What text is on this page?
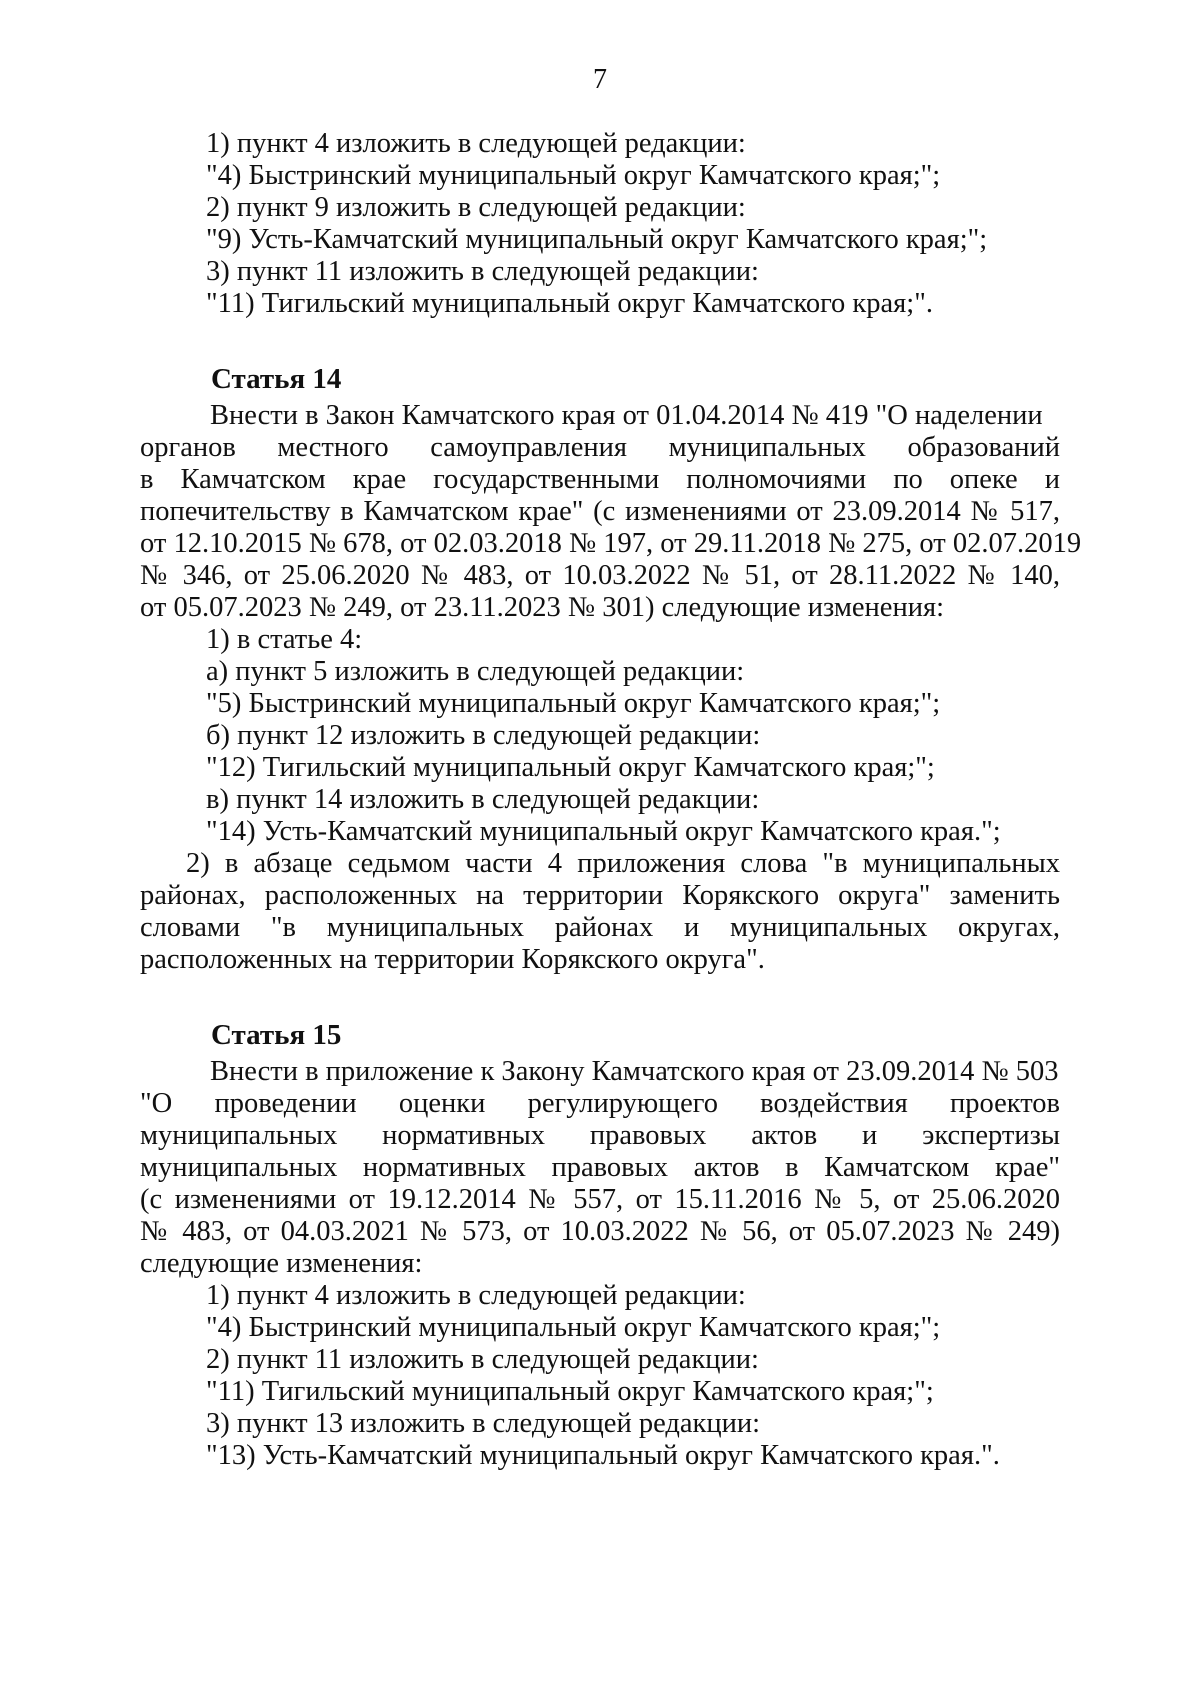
7
1) пункт 4 изложить в следующей редакции:
"4) Быстринский муниципальный округ Камчатского края;";
2) пункт 9 изложить в следующей редакции:
"9) Усть-Камчатский муниципальный округ Камчатского края;";
3) пункт 11 изложить в следующей редакции:
"11) Тигильский муниципальный округ Камчатского края;".
Статья 14
Внести в Закон Камчатского края от 01.04.2014 № 419 "О наделении
органов местного самоуправления муниципальных образований
в Камчатском крае государственными полномочиями по опеке и
попечительству в Камчатском крае" (с изменениями от 23.09.2014 № 517,
от 12.10.2015 № 678, от 02.03.2018 № 197, от 29.11.2018 № 275, от 02.07.2019
№ 346, от 25.06.2020 № 483, от 10.03.2022 № 51, от 28.11.2022 № 140,
от 05.07.2023 № 249, от 23.11.2023 № 301) следующие изменения:
1) в статье 4:
а) пункт 5 изложить в следующей редакции:
"5) Быстринский муниципальный округ Камчатского края;";
б) пункт 12 изложить в следующей редакции:
"12) Тигильский муниципальный округ Камчатского края;";
в) пункт 14 изложить в следующей редакции:
"14) Усть-Камчатский муниципальный округ Камчатского края.";
2) в абзаце седьмом части 4 приложения слова "в муниципальных
районах, расположенных на территории Корякского округа" заменить
словами "в муниципальных районах и муниципальных округах,
расположенных на территории Корякского округа".
Статья 15
Внести в приложение к Закону Камчатского края от 23.09.2014 № 503
"О проведении оценки регулирующего воздействия проектов
муниципальных нормативных правовых актов и экспертизы
муниципальных нормативных правовых актов в Камчатском крае"
(с изменениями от 19.12.2014 № 557, от 15.11.2016 № 5, от 25.06.2020
№ 483, от 04.03.2021 № 573, от 10.03.2022 № 56, от 05.07.2023 № 249)
следующие изменения:
1) пункт 4 изложить в следующей редакции:
"4) Быстринский муниципальный округ Камчатского края;";
2) пункт 11 изложить в следующей редакции:
"11) Тигильский муниципальный округ Камчатского края;";
3) пункт 13 изложить в следующей редакции:
"13) Усть-Камчатский муниципальный округ Камчатского края.".
